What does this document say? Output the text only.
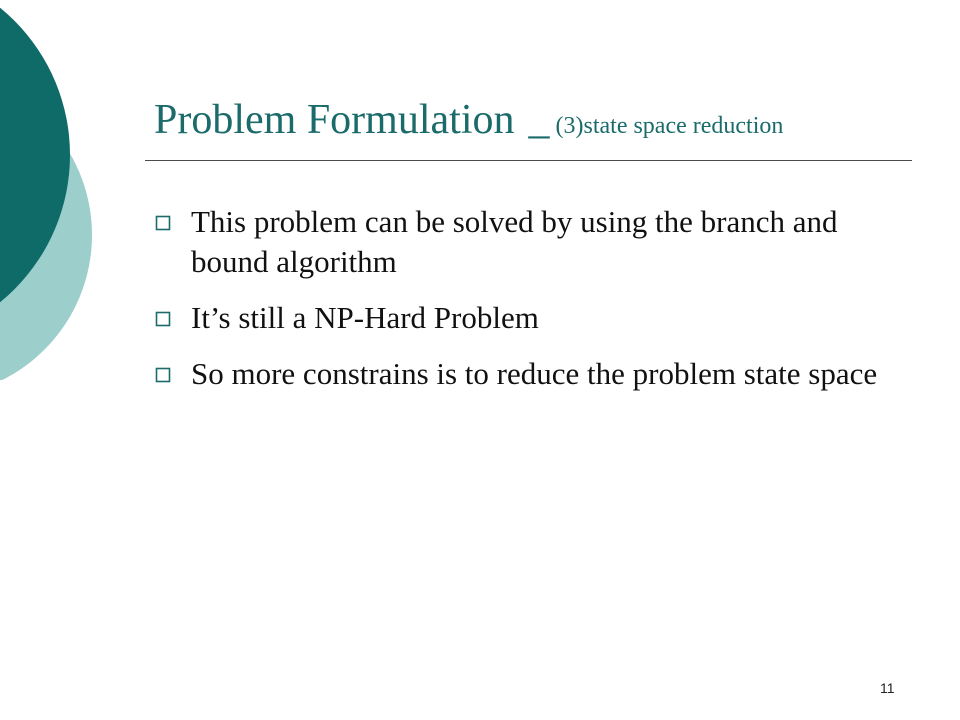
Problem Formulation _ (3)state space reduction
This problem can be solved by using the branch and bound algorithm
It’s still a NP-Hard Problem
So more constrains is to reduce the problem state space
11
